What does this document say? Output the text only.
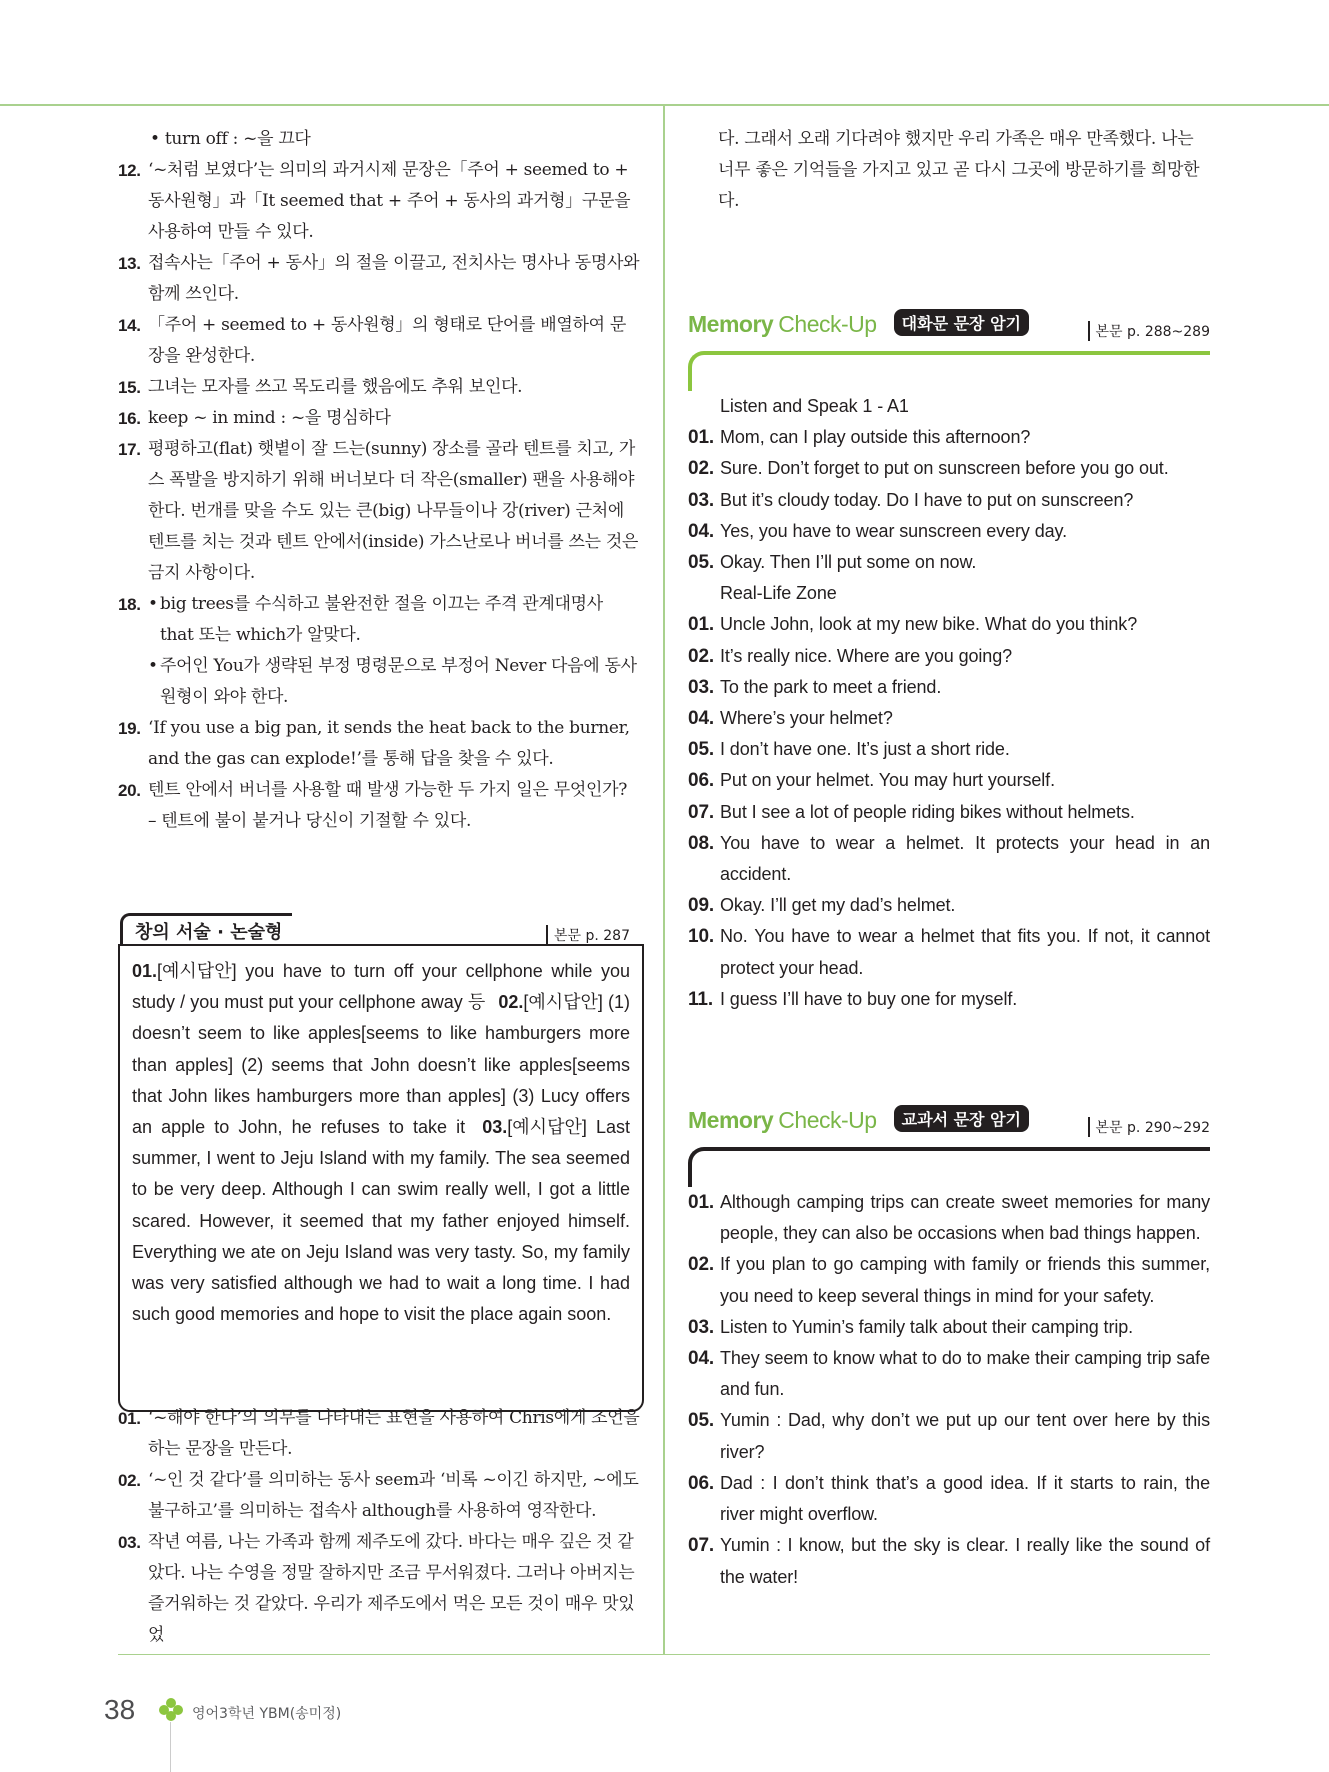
• turn off : ~을 끄다
12. ‘~처럼 보였다’는 의미의 과거시제 문장은「주어 + seemed to + 동사원형」과「It seemed that + 주어 + 동사의 과거형」구문을 사용하여 만들 수 있다.
13. 접속사는「주어 + 동사」의 절을 이끌고, 전치사는 명사나 동명사와 함께 쓰인다.
14. 「주어 + seemed to + 동사원형」의 형태로 단어를 배열하여 문장을 완성한다.
15. 그녀는 모자를 쓰고 목도리를 했음에도 추워 보인다.
16. keep ~ in mind : ~을 명심하다
17. 평평하고(flat) 햇볕이 잘 드는(sunny) 장소를 골라 텐트를 치고, 가스 폭발을 방지하기 위해 버너보다 더 작은(smaller) 팬을 사용해야 한다. 번개를 맞을 수도 있는 큰(big) 나무들이나 강(river) 근처에 텐트를 치는 것과 텐트 안에서(inside) 가스난로나 버너를 쓰는 것은 금지 사항이다.
18. • big trees를 수식하고 불완전한 절을 이끄는 주격 관계대명사 that 또는 which가 알맞다.
• 주어인 You가 생략된 부정 명령문으로 부정어 Never 다음에 동사원형이 와야 한다.
19. ‘If you use a big pan, it sends the heat back to the burner, and the gas can explode!’를 통해 답을 찾을 수 있다.
20. 텐트 안에서 버너를 사용할 때 발생 가능한 두 가지 일은 무엇인가? – 텐트에 불이 붙거나 당신이 기절할 수 있다.
창의 서술 · 논술형	본문 p. 287
01.[예시답안] you have to turn off your cellphone while you study / you must put your cellphone away 등 02.[예시답안] (1) doesn’t seem to like apples[seems to like hamburgers more than apples] (2) seems that John doesn’t like apples[seems that John likes hamburgers more than apples] (3) Lucy offers an apple to John, he refuses to take it 03.[예시답안] Last summer, I went to Jeju Island with my family. The sea seemed to be very deep. Although I can swim really well, I got a little scared. However, it seemed that my father enjoyed himself. Everything we ate on Jeju Island was very tasty. So, my family was very satisfied although we had to wait a long time. I had such good memories and hope to visit the place again soon.
01. ‘~해야 한다’의 의무를 나타내는 표현을 사용하여 Chris에게 조언을 하는 문장을 만든다.
02. ‘~인 것 같다’를 의미하는 동사 seem과 ‘비록 ~이긴 하지만, ~에도 불구하고’를 의미하는 접속사 although를 사용하여 영작한다.
03. 작년 여름, 나는 가족과 함께 제주도에 갔다. 바다는 매우 깊은 것 같았다. 나는 수영을 정말 잘하지만 조금 무서워졌다. 그러나 아버지는 즐거워하는 것 같았다. 우리가 제주도에서 먹은 모든 것이 매우 맛있었
다. 그래서 오래 기다려야 했지만 우리 가족은 매우 만족했다. 나는 너무 좋은 기억들을 가지고 있고 곧 다시 그곳에 방문하기를 희망한다.
Memory Check-Up 대화문 문장 암기	본문 p. 288~289
Listen and Speak 1 - A1
01. Mom, can I play outside this afternoon?
02. Sure. Don’t forget to put on sunscreen before you go out.
03. But it’s cloudy today. Do I have to put on sunscreen?
04. Yes, you have to wear sunscreen every day.
05. Okay. Then I’ll put some on now.
Real-Life Zone
01. Uncle John, look at my new bike. What do you think?
02. It’s really nice. Where are you going?
03. To the park to meet a friend.
04. Where’s your helmet?
05. I don’t have one. It’s just a short ride.
06. Put on your helmet. You may hurt yourself.
07. But I see a lot of people riding bikes without helmets.
08. You have to wear a helmet. It protects your head in an accident.
09. Okay. I’ll get my dad’s helmet.
10. No. You have to wear a helmet that fits you. If not, it cannot protect your head.
11. I guess I’ll have to buy one for myself.
Memory Check-Up 교과서 문장 암기	본문 p. 290~292
01. Although camping trips can create sweet memories for many people, they can also be occasions when bad things happen.
02. If you plan to go camping with family or friends this summer, you need to keep several things in mind for your safety.
03. Listen to Yumin’s family talk about their camping trip.
04. They seem to know what to do to make their camping trip safe and fun.
05. Yumin : Dad, why don’t we put up our tent over here by this river?
06. Dad : I don’t think that’s a good idea. If it starts to rain, the river might overflow.
07. Yumin : I know, but the sky is clear. I really like the sound of the water!
38	영어3학년 YBM(송미정)
